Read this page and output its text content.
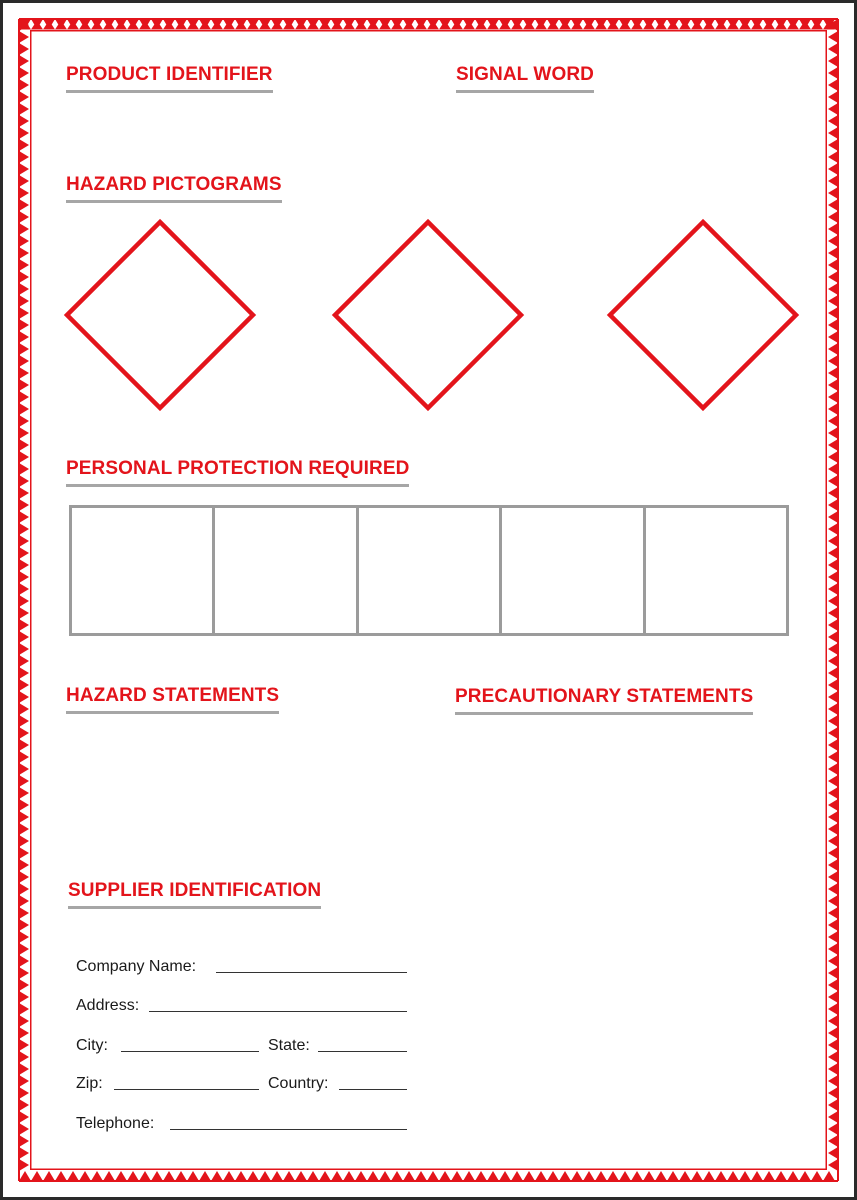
PRODUCT IDENTIFIER	SIGNAL WORD
HAZARD PICTOGRAMS
PERSONAL PROTECTION REQUIRED
HAZARD STATEMENTS	PRECAUTIONARY STATEMENTS
SUPPLIER IDENTIFICATION
Company Name:
Address:
City:	State:
Zip:	Country:
Telephone:
